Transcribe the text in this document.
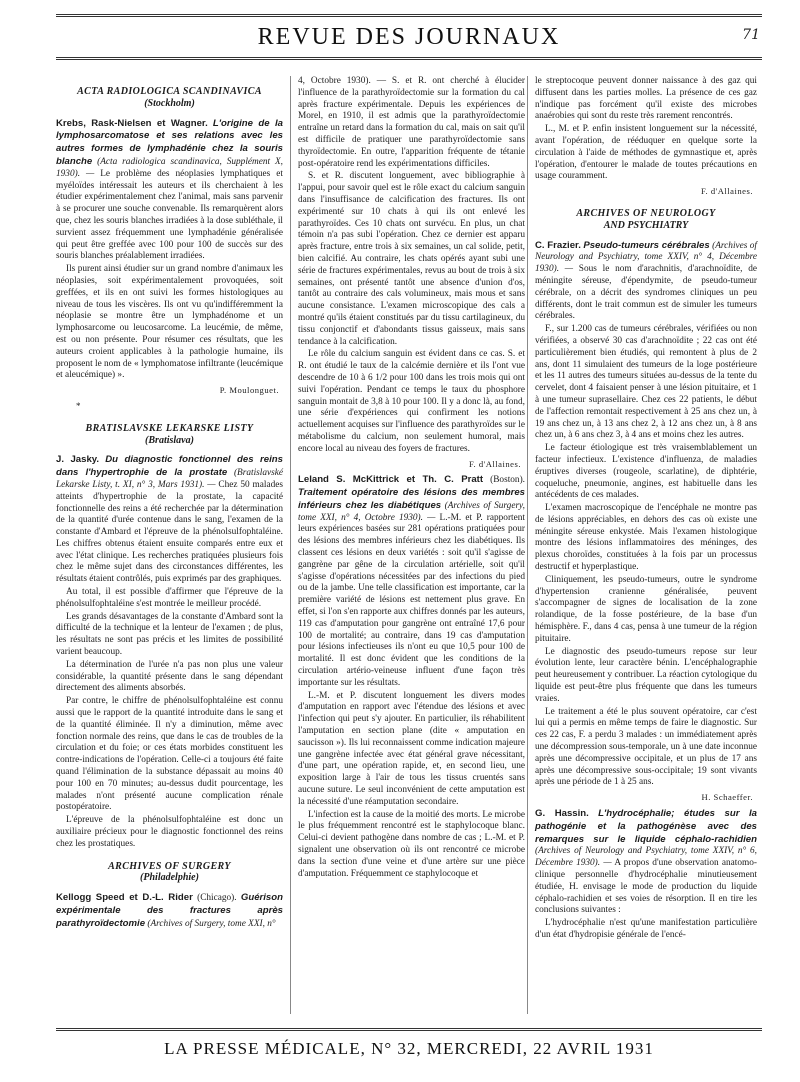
REVUE DES JOURNAUX	71
ACTA RADIOLOGICA SCANDINAVICA
(Stockholm)

Krebs, Rask-Nielsen et Wagner. L'origine de la lymphosarcomatose et ses relations avec les autres formes de lymphadénie chez la souris blanche (Acta radiologica scandinavica, Supplément X, 1930). — Le problème des néoplasies lymphatiques et myéloïdes intéressait les auteurs et ils cherchaient à les étudier expérimentalement chez l'animal, mais sans parvenir à se procurer une souche convenable. Ils remarquèrent alors que, chez les souris blanches irradiées à la dose subléthale, il survient assez fréquemment une lymphadénie généralisée qui peut être greffée avec 100 pour 100 de succès sur des souris blanches préalablement irradiées.

Ils purent ainsi étudier sur un grand nombre d'animaux les néoplasies, soit expérimentalement provoquées, soit greffées, et ils en ont suivi les formes histologiques au niveau de tous les viscères. Ils ont vu qu'indifféremment la néoplasie se montre être un lymphadénome et un lymphosarcome ou leucosarcome. La leucémie, de même, est ou non présente. Pour résumer ces résultats, que les auteurs croient applicables à la pathologie humaine, ils proposent le nom de « lymphomatose infiltrante (leucémique et aleucémique) ».

P. Moulonguet.
*
BRATISLAVSKE LEKARSKE LISTY
(Bratislava)

J. Jasky. Du diagnostic fonctionnel des reins dans l'hypertrophie de la prostate (Bratislavské Lekarske Listy, t. XI, n° 3, Mars 1931). — Chez 50 malades atteints d'hypertrophie de la prostate, la capacité fonctionnelle des reins a été recherchée par la détermination de la quantité d'urée contenue dans le sang, l'examen de la constante d'Ambard et l'épreuve de la phénolsulfophtaléine. Les chiffres obtenus étaient ensuite comparés entre eux et avec l'état clinique. Les recherches pratiquées plusieurs fois chez le même sujet dans des circonstances différentes, les résultats étaient contrôlés, puis exprimés par des graphiques.

Au total, il est possible d'affirmer que l'épreuve de la phénolsulfophtaléine s'est montrée le meilleur procédé.

Les grands désavantages de la constante d'Ambard sont la difficulté de la technique et la lenteur de l'examen ; de plus, les résultats ne sont pas précis et les limites de possibilité varient beaucoup.

La détermination de l'urée n'a pas non plus une valeur considérable, la quantité présente dans le sang dépendant directement des aliments absorbés.

Par contre, le chiffre de phénolsulfophtaléine est connu aussi que le rapport de la quantité introduite dans le sang et de la quantité éliminée. Il n'y a diminution, même avec fonction normale des reins, que dans le cas de troubles de la circulation et du foie; or ces états morbides constituent les contre-indications de l'opération. Celle-ci a toujours été faite quand l'élimination de la substance dépassait au moins 40 pour 100 en 70 minutes; au-dessus dudit pourcentage, les malades n'ont présenté aucune complication rénale postopératoire.

L'épreuve de la phénolsulfophtaléine est donc un auxiliaire précieux pour le diagnostic fonctionnel des reins chez les prostatiques.

ARCHIVES OF SURGERY
(Philadelphie)

Kellogg Speed et D.-L. Rider (Chicago). Guérison expérimentale des fractures après parathyroïdectomie (Archives of Surgery, tome XXI, n°

4, Octobre 1930). — S. et R. ont cherché à élucider l'influence de la parathyroïdectomie sur la formation du cal après fracture expérimentale. Depuis les expériences de Morel, en 1910, il est admis que la parathyroïdectomie entraîne un retard dans la formation du cal, mais on sait qu'il est difficile de pratiquer une parathyroïdectomie sans thyroïdectomie. En outre, l'apparition fréquente de tétanie post-opératoire rend les expérimentations difficiles.

S. et R. discutent longuement, avec bibliographie à l'appui, pour savoir quel est le rôle exact du calcium sanguin dans l'insuffisance de calcification des fractures. Ils ont expérimenté sur 10 chats à qui ils ont enlevé les parathyroïdes. Ces 10 chats ont survécu. En plus, un chat témoin n'a pas subi l'opération. Chez ce dernier est apparu après fracture, entre trois à six semaines, un cal solide, petit, bien calcifié. Au contraire, les chats opérés ayant subi une série de fractures expérimentales, revus au bout de trois à six semaines, ont présenté tantôt une absence d'union d'os, tantôt au contraire des cals volumineux, mais mous et sans aucune consistance. L'examen microscopique des cals a montré qu'ils étaient constitués par du tissu cartilagineux, du tissu conjonctif et d'abondants tissus gaisseux, mais sans tendance à la calcification.

Le rôle du calcium sanguin est évident dans ce cas. S. et R. ont étudié le taux de la calcémie dernière et ils l'ont vue descendre de 10 à 6 1/2 pour 100 dans les trois mois qui ont suivi l'opération. Pendant ce temps le taux du phosphore sanguin montait de 3,8 à 10 pour 100. Il y a donc là, au fond, une série d'expériences qui confirment les notions actuellement acquises sur l'influence des parathyroïdes sur le métabolisme du calcium, non seulement humoral, mais encore local au niveau des foyers de fractures.

F. d'Allaines.

Leland S. McKittrick et Th. C. Pratt (Boston). Traitement opératoire des lésions des membres inférieurs chez les diabétiques (Archives of Surgery, tome XXI, n° 4, Octobre 1930). — L.-M. et P. rapportent leurs expériences basées sur 281 opérations pratiquées pour des lésions des membres inférieurs chez les diabétiques. Ils classent ces lésions en deux variétés : soit qu'il s'agisse de gangrène par gêne de la circulation artérielle, soit qu'il s'agisse d'opérations nécessitées par des infections du pied ou de la jambe. Une telle classification est importante, car la première variété de lésions est nettement plus grave. En effet, si l'on s'en rapporte aux chiffres donnés par les auteurs, 119 cas d'amputation pour gangrène ont entraîné 17,6 pour 100 de mortalité; au contraire, dans 19 cas d'amputation pour lésions infectieuses ils n'ont eu que 10,5 pour 100 de mortalité. Il est donc évident que les conditions de la circulation artério-veineuse influent d'une façon très importante sur les résultats.

L.-M. et P. discutent longuement les divers modes d'amputation en rapport avec l'étendue des lésions et avec l'infection qui peut s'y ajouter. En particulier, ils réhabilitent l'amputation en section plane (dite « amputation en saucisson »). Ils lui reconnaissent comme indication majeure une gangrène infectée avec état général grave nécessitant, d'une part, une opération rapide, et, en second lieu, une exposition large à l'air de tous les tissus cruentés sans aucune suture. Le seul inconvénient de cette amputation est la nécessité d'une réamputation secondaire.

L'infection est la cause de la moitié des morts. Le microbe le plus fréquemment rencontré est le staphylocoque blanc. Celui-ci devient pathogène dans nombre de cas ; L.-M. et P. signalent une observation où ils ont rencontré ce microbe dans la section d'une veine et d'une artère sur une pièce d'amputation. Fréquemment ce staphylocoque et

le streptocoque peuvent donner naissance à des gaz qui diffusent dans les parties molles. La présence de ces gaz n'indique pas forcément qu'il existe des microbes anaérobies qui sont du reste très rarement rencontrés.

L., M. et P. enfin insistent longuement sur la nécessité, avant l'opération, de rééduquer en quelque sorte la circulation à l'aide de méthodes de gymnastique et, après l'opération, d'entourer le malade de toutes précautions en usage couramment.

F. d'Allaines.
ARCHIVES OF NEUROLOGY
AND PSYCHIATRY

C. Frazier. Pseudo-tumeurs cérébrales (Archives of Neurology and Psychiatry, tome XXIV, n° 4, Décembre 1930). — Sous le nom d'arachnitis, d'arachnoïdite, de méningite séreuse, d'épendymite, de pseudo-tumeur cérébrale, on a décrit des syndromes cliniques un peu différents, dont le trait commun est de simuler les tumeurs cérébrales.

F., sur 1.200 cas de tumeurs cérébrales, vérifiées ou non vérifiées, a observé 30 cas d'arachnoïdite ; 22 cas ont été particulièrement bien étudiés, qui remontent à plus de 2 ans, dont 11 simulaient des tumeurs de la loge postérieure et les 11 autres des tumeurs situées au-dessus de la tente du cervelet, dont 4 faisaient penser à une lésion pituitaire, et 1 à une tumeur suprasellaire. Chez ces 22 patients, le début de l'affection remontait respectivement à 25 ans chez un, à 19 ans chez un, à 13 ans chez 2, à 12 ans chez un, à 8 ans chez un, à 6 ans chez 3, à 4 ans et moins chez les autres.

Le facteur étiologique est très vraisemblablement un facteur infectieux. L'existence d'influenza, de maladies éruptives diverses (rougeole, scarlatine), de diphtérie, coqueluche, pneumonie, angines, est habituelle dans les antécédents de ces malades.

L'examen macroscopique de l'encéphale ne montre pas de lésions appréciables, en dehors des cas où existe une méningite séreuse enkystée. Mais l'examen histologique montre des lésions inflammatoires des méninges, des plexus choroïdes, constituées à la fois par un processus destructif et hyperplastique.

Cliniquement, les pseudo-tumeurs, outre le syndrome d'hypertension cranienne généralisée, peuvent s'accompagner de signes de localisation de la zone rolandique, de la fosse postérieure, de la base d'un hémisphère. F., dans 4 cas, pensa à une tumeur de la région pituitaire.

Le diagnostic des pseudo-tumeurs repose sur leur évolution lente, leur caractère bénin. L'encéphalographie peut heureusement y contribuer. La réaction cytologique du liquide est peut-être plus fréquente que dans les tumeurs vraies.

Le traitement a été le plus souvent opératoire, car c'est lui qui a permis en même temps de faire le diagnostic. Sur ces 22 cas, F. a perdu 3 malades : un immédiatement après une décompression sous-temporale, un à une date inconnue après une décompressive occipitale, et un plus de 17 ans après une décompressive sous-occipitale; 19 sont vivants après une période de 1 à 25 ans.

H. Schaeffer.

G. Hassin. L'hydrocéphalie; études sur la pathogénie et la pathogénèse avec des remarques sur le liquide céphalo-rachidien (Archives of Neurology and Psychiatry, tome XXIV, n° 6, Décembre 1930). — A propos d'une observation anatomo-clinique personnelle d'hydrocéphalie minutieusement étudiée, H. envisage le mode de production du liquide céphalo-rachidien et ses voies de résorption. Il en tire les conclusions suivantes :

L'hydrocéphalie n'est qu'une manifestation particulière d'un état d'hydropisie générale de l'encé-

LA PRESSE MÉDICALE, N° 32, MERCREDI, 22 AVRIL 1931
